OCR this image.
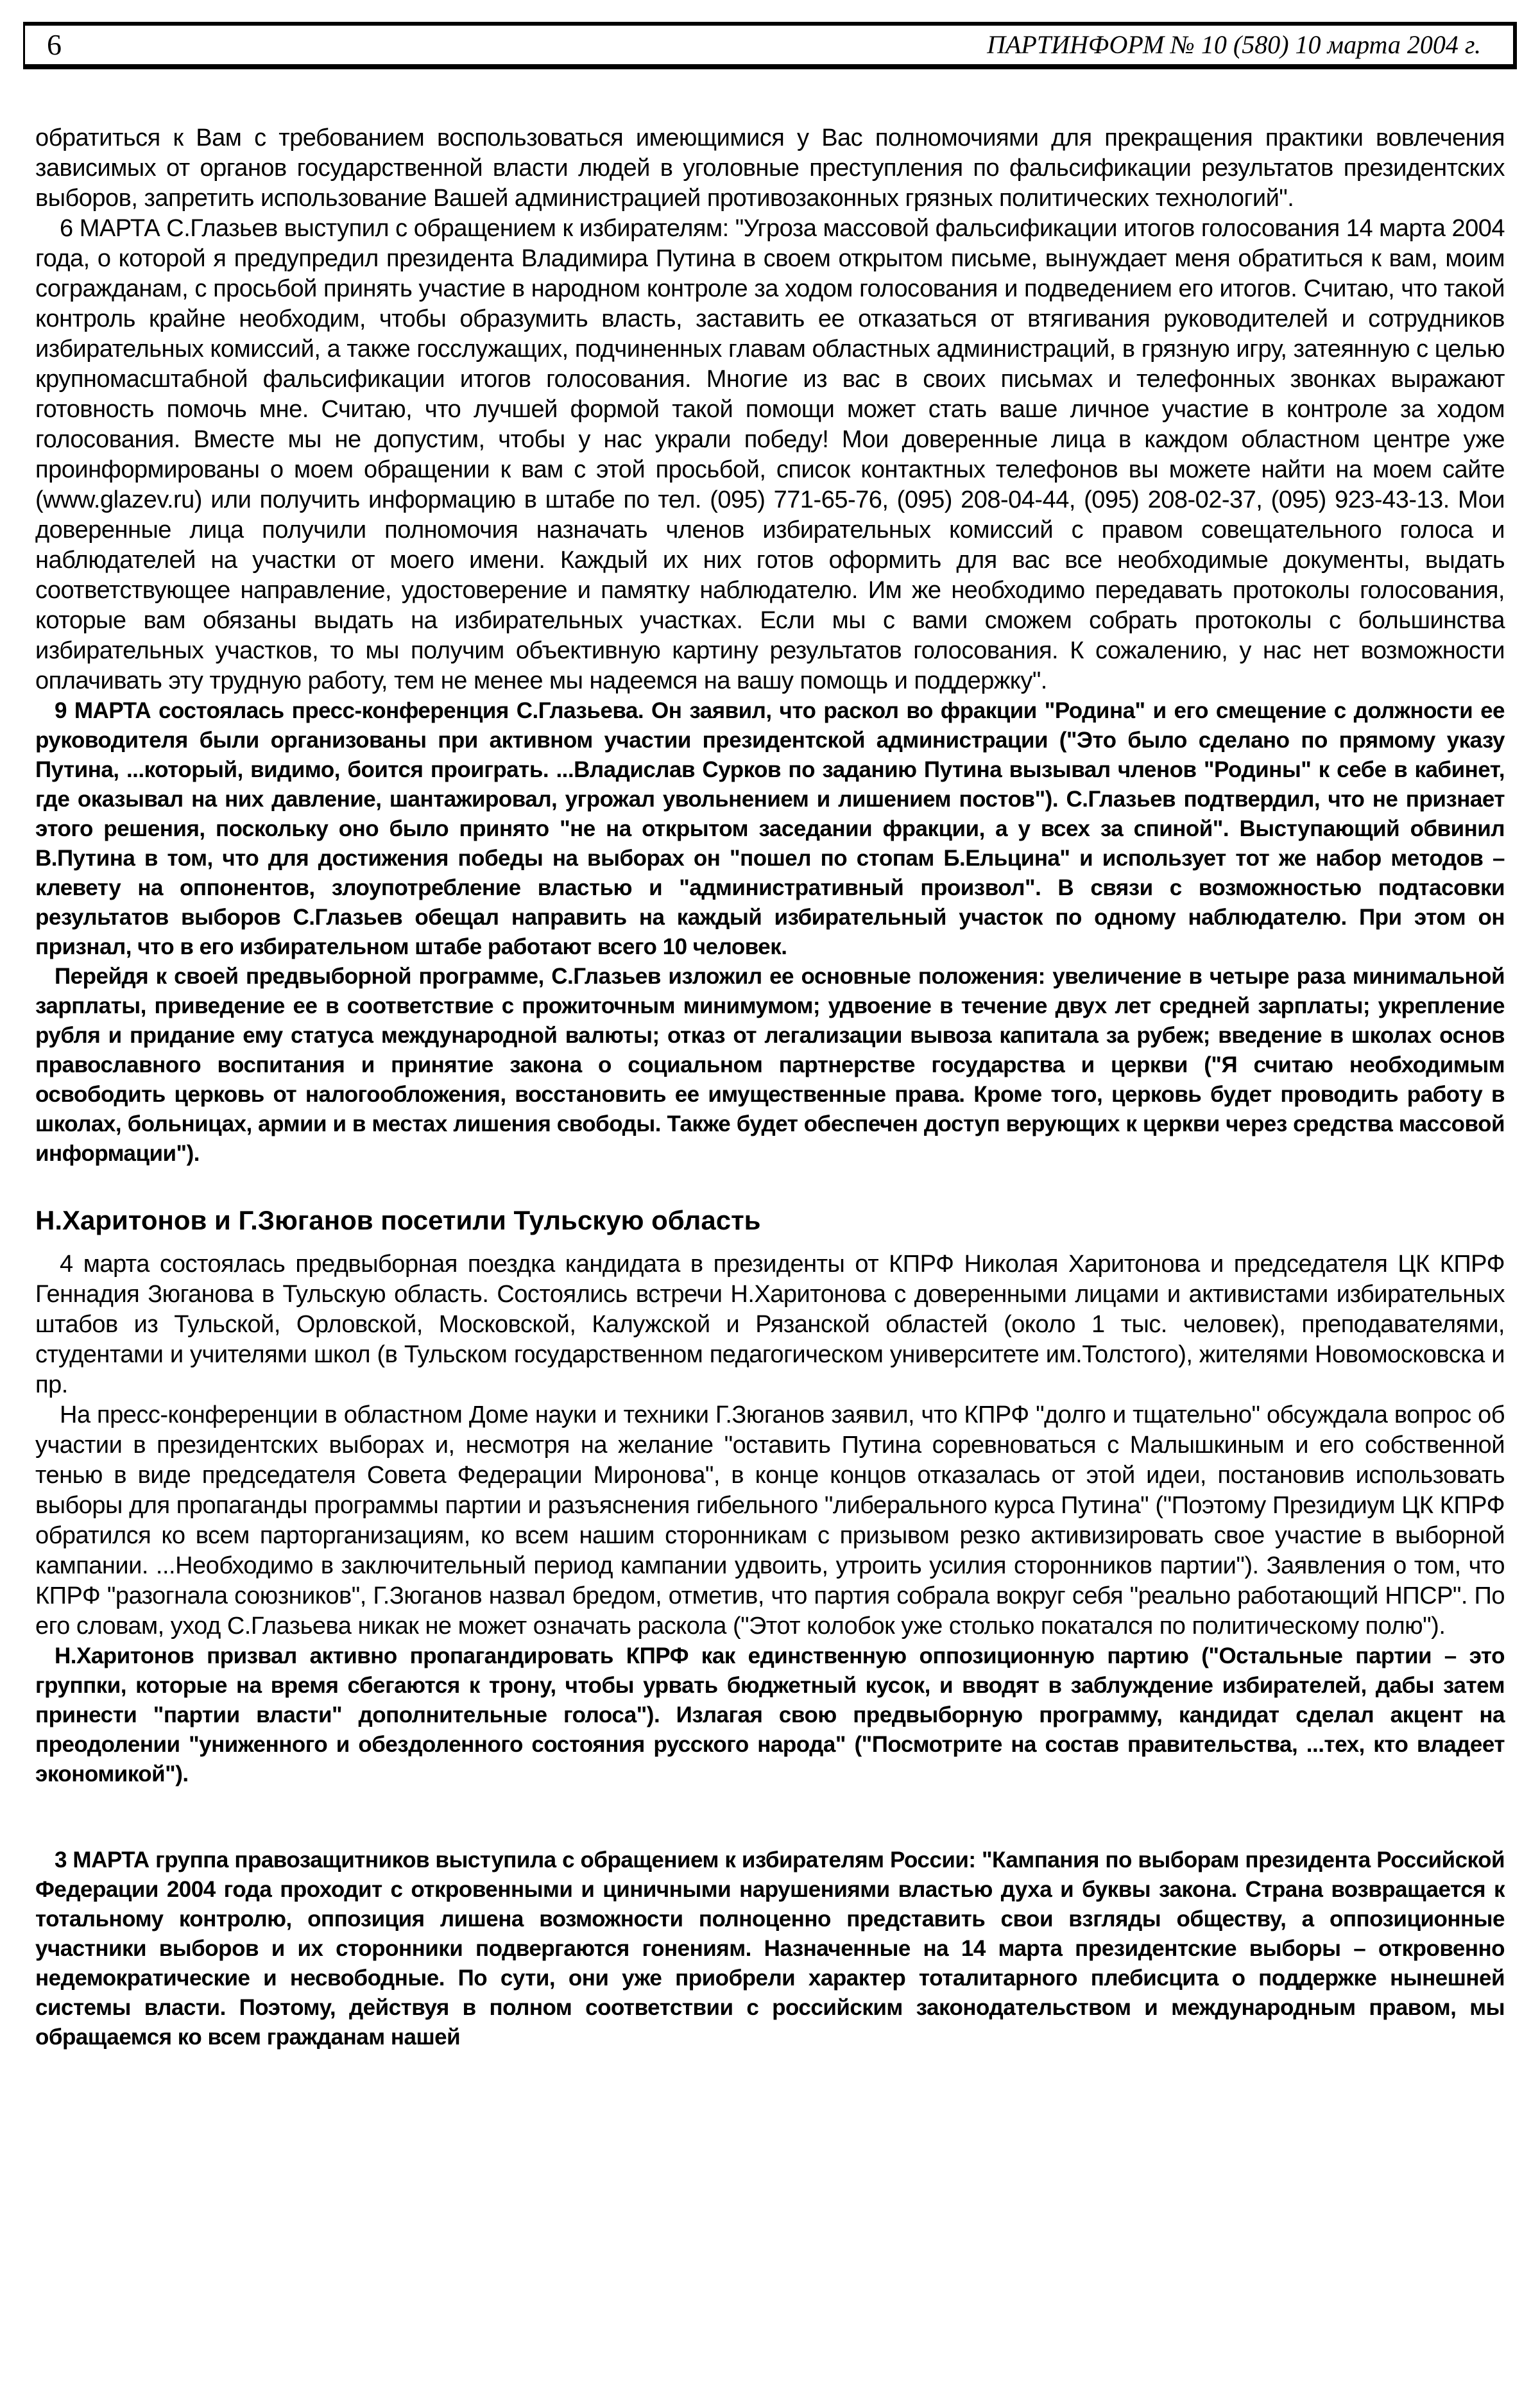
6	ПАРТИНФОРМ № 10 (580) 10 марта 2004 г.

обратиться к Вам с требованием воспользоваться имеющимися у Вас полномочиями для прекращения практики вовлечения зависимых от органов государственной власти людей в уголовные преступления по фальсификации результатов президентских выборов, запретить использование Вашей администрацией противозаконных грязных политических технологий".

6 МАРТА С.Глазьев выступил с обращением к избирателям: "Угроза массовой фальсификации итогов голосования 14 марта 2004 года, о которой я предупредил президента Владимира Путина в своем открытом письме, вынуждает меня обратиться к вам, моим согражданам, с просьбой принять участие в народном контроле за ходом голосования и подведением его итогов. Считаю, что такой контроль крайне необходим, чтобы образумить власть, заставить ее отказаться от втягивания руководителей и сотрудников избирательных комиссий, а также госслужащих, подчиненных главам областных администраций, в грязную игру, затеянную с целью крупномасштабной фальсификации итогов голосования. Многие из вас в своих письмах и телефонных звонках выражают готовность помочь мне. Считаю, что лучшей формой такой помощи может стать ваше личное участие в контроле за ходом голосования. Вместе мы не допустим, чтобы у нас украли победу! Мои доверенные лица в каждом областном центре уже проинформированы о моем обращении к вам с этой просьбой, список контактных телефонов вы можете найти на моем сайте (www.glazev.ru) или получить информацию в штабе по тел. (095) 771-65-76, (095) 208-04-44, (095) 208-02-37, (095) 923-43-13. Мои доверенные лица получили полномочия назначать членов избирательных комиссий с правом совещательного голоса и наблюдателей на участки от моего имени. Каждый их них готов оформить для вас все необходимые документы, выдать соответствующее направление, удостоверение и памятку наблюдателю. Им же необходимо передавать протоколы голосования, которые вам обязаны выдать на избирательных участках. Если мы с вами сможем собрать протоколы с большинства избирательных участков, то мы получим объективную картину результатов голосования. К сожалению, у нас нет возможности оплачивать эту трудную работу, тем не менее мы надеемся на вашу помощь и поддержку".

9 МАРТА состоялась пресс-конференция С.Глазьева. Он заявил, что раскол во фракции "Родина" и его смещение с должности ее руководителя были организованы при активном участии президентской администрации ("Это было сделано по прямому указу Путина, ...который, видимо, боится проиграть. ...Владислав Сурков по заданию Путина вызывал членов "Родины" к себе в кабинет, где оказывал на них давление, шантажировал, угрожал увольнением и лишением постов"). С.Глазьев подтвердил, что не признает этого решения, поскольку оно было принято "не на открытом заседании фракции, а у всех за спиной". Выступающий обвинил В.Путина в том, что для достижения победы на выборах он "пошел по стопам Б.Ельцина" и использует тот же набор методов – клевету на оппонентов, злоупотребление властью и "административный произвол". В связи с возможностью подтасовки результатов выборов С.Глазьев обещал направить на каждый избирательный участок по одному наблюдателю. При этом он признал, что в его избирательном штабе работают всего 10 человек.

Перейдя к своей предвыборной программе, С.Глазьев изложил ее основные положения: увеличение в четыре раза минимальной зарплаты, приведение ее в соответствие с прожиточным минимумом; удвоение в течение двух лет средней зарплаты; укрепление рубля и придание ему статуса международной валюты; отказ от легализации вывоза капитала за рубеж; введение в школах основ православного воспитания и принятие закона о социальном партнерстве государства и церкви ("Я считаю необходимым освободить церковь от налогообложения, восстановить ее имущественные права. Кроме того, церковь будет проводить работу в школах, больницах, армии и в местах лишения свободы. Также будет обеспечен доступ верующих к церкви через средства массовой информации").

Н.Харитонов и Г.Зюганов посетили Тульскую область

4 марта состоялась предвыборная поездка кандидата в президенты от КПРФ Николая Харитонова и председателя ЦК КПРФ Геннадия Зюганова в Тульскую область. Состоялись встречи Н.Харитонова с доверенными лицами и активистами избирательных штабов из Тульской, Орловской, Московской, Калужской и Рязанской областей (около 1 тыс. человек), преподавателями, студентами и учителями школ (в Тульском государственном педагогическом университете им.Толстого), жителями Новомосковска и пр.

На пресс-конференции в областном Доме науки и техники Г.Зюганов заявил, что КПРФ "долго и тщательно" обсуждала вопрос об участии в президентских выборах и, несмотря на желание "оставить Путина соревноваться с Малышкиным и его собственной тенью в виде председателя Совета Федерации Миронова", в конце концов отказалась от этой идеи, постановив использовать выборы для пропаганды программы партии и разъяснения гибельного "либерального курса Путина" ("Поэтому Президиум ЦК КПРФ обратился ко всем парторганизациям, ко всем нашим сторонникам с призывом резко активизировать свое участие в выборной кампании. ...Необходимо в заключительный период кампании удвоить, утроить усилия сторонников партии"). Заявления о том, что КПРФ "разогнала союзников", Г.Зюганов назвал бредом, отметив, что партия собрала вокруг себя "реально работающий НПСР". По его словам, уход С.Глазьева никак не может означать раскола ("Этот колобок уже столько покатался по политическому полю").

Н.Харитонов призвал активно пропагандировать КПРФ как единственную оппозиционную партию ("Остальные партии – это группки, которые на время сбегаются к трону, чтобы урвать бюджетный кусок, и вводят в заблуждение избирателей, дабы затем принести "партии власти" дополнительные голоса"). Излагая свою предвыборную программу, кандидат сделал акцент на преодолении "униженного и обездоленного состояния русского народа" ("Посмотрите на состав правительства, ...тех, кто владеет экономикой").

3 МАРТА группа правозащитников выступила с обращением к избирателям России: "Кампания по выборам президента Российской Федерации 2004 года проходит с откровенными и циничными нарушениями властью духа и буквы закона. Страна возвращается к тотальному контролю, оппозиция лишена возможности полноценно представить свои взгляды обществу, а оппозиционные участники выборов и их сторонники подвергаются гонениям. Назначенные на 14 марта президентские выборы – откровенно недемократические и несвободные. По сути, они уже приобрели характер тоталитарного плебисцита о поддержке нынешней системы власти. Поэтому, действуя в полном соответствии с российским законодательством и международным правом, мы обращаемся ко всем гражданам нашей
